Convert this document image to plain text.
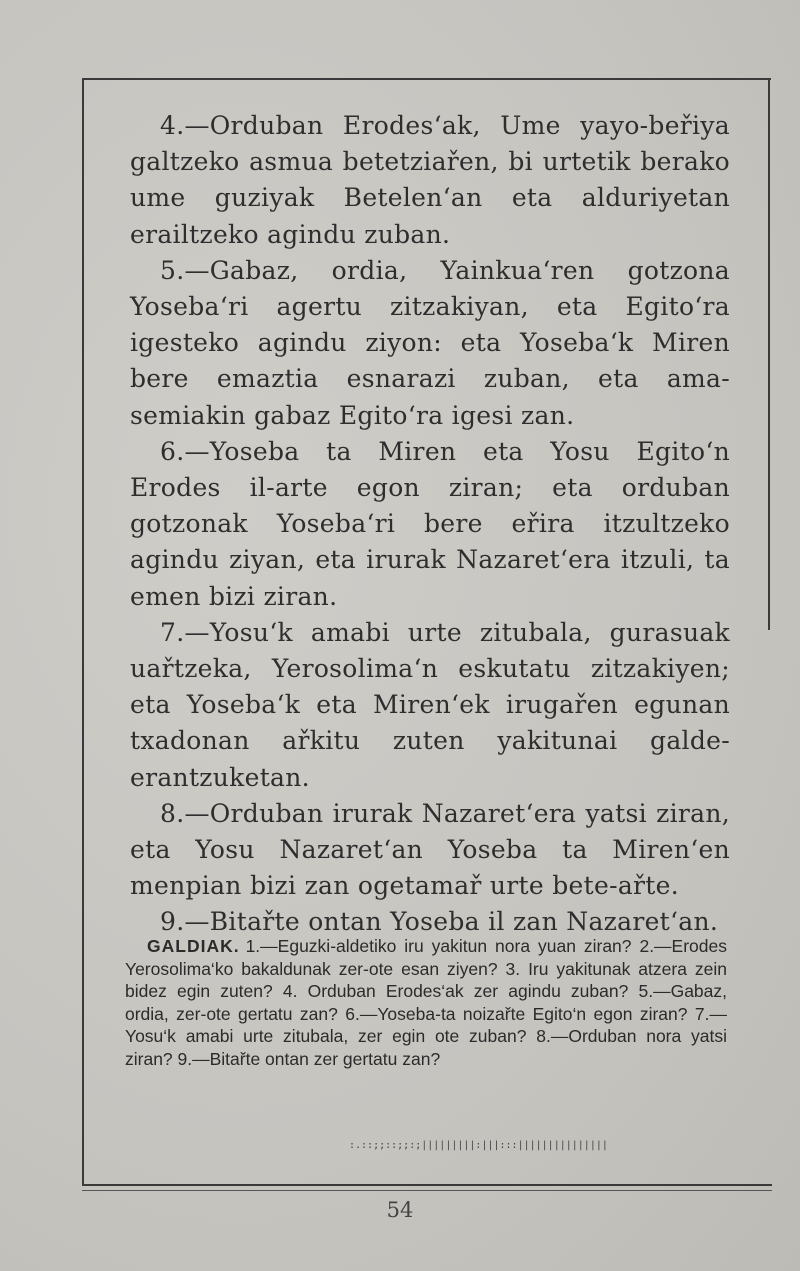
4.—Orduban Erodes‘ak, Ume yayo-beřiya galtzeko asmua betetziařen, bi urtetik berako ume guziyak Betelen‘an eta alduriyetan erailtzeko agindu zuban.

5.—Gabaz, ordia, Yainkua‘ren gotzona Yoseba‘ri agertu zitzakiyan, eta Egito‘ra igesteko agindu ziyon: eta Yoseba‘k Miren bere emaztia esnarazi zuban, eta ama-semiakin gabaz Egito‘ra igesi zan.

6.—Yoseba ta Miren eta Yosu Egito‘n Erodes il-arte egon ziran; eta orduban gotzonak Yoseba‘ri bere eřira itzultzeko agindu ziyan, eta irurak Nazaret‘era itzuli, ta emen bizi ziran.

7.—Yosu‘k amabi urte zitubala, gurasuak uařtzeka, Yerosolima‘n eskutatu zitzakiyen; eta Yoseba‘k eta Miren‘ek irugařen egunan txadonan ařkitu zuten yakitunai galde-erantzuketan.

8.—Orduban irurak Nazaret‘era yatsi ziran, eta Yosu Nazaret‘an Yoseba ta Miren‘en menpian bizi zan ogetamař urte bete-ařte.

9.—Bitařte ontan Yoseba il zan Nazaret‘an.

GALDIAK. 1.—Eguzki-aldetiko iru yakitun nora yuan ziran? 2.—Erodes Yerosolima‘ko bakaldunak zer-ote esan ziyen? 3. Iru yakitunak atzera zein bidez egin zuten? 4. Orduban Erodes‘ak zer agindu zuban? 5.—Gabaz, ordia, zer-ote gertatu zan? 6.—Yoseba-ta noizařte Egito‘n egon ziran? 7.—Yosu‘k amabi urte zitubala, zer egin ote zuban? 8.—Orduban nora yatsi ziran? 9.—Bitařte ontan zer gertatu zan?
:.::;;::;;:;|||||||||:|||:::|||||||||||||||
54
